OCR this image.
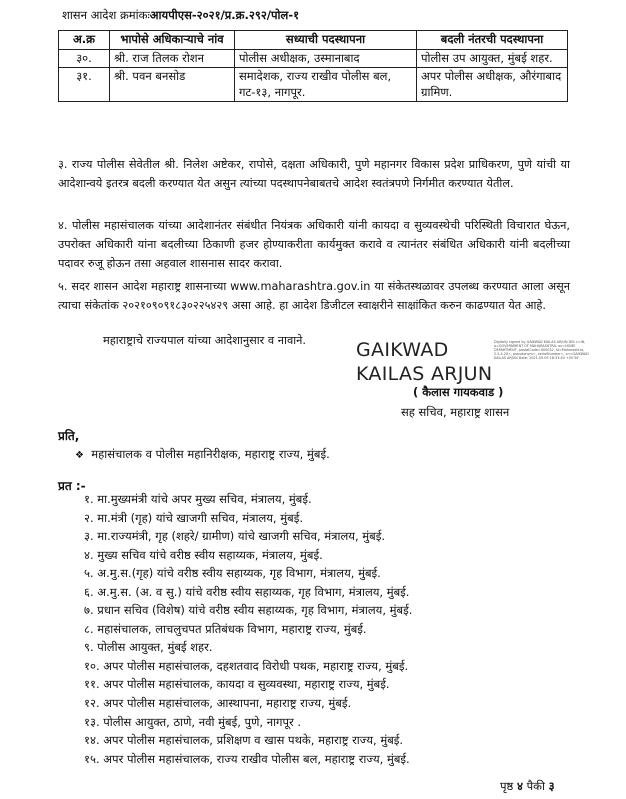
शासन आदेश क्रमांकःआयपीएस-२०२१/प्र.क्र.२९२/पोल-१
अ.क्र	भापोसे अधिकाऱ्याचे नांव	सध्याची पदस्थापना	बदली नंतरची पदस्थापना
३०.	श्री. राज तिलक रोशन	पोलीस अधीक्षक, उस्मानाबाद	पोलीस उप आयुक्त, मुंबई शहर.
३१.	श्री. पवन बनसोड	समादेशक, राज्य राखीव पोलीस बल, गट-१३, नागपूर.	अपर पोलीस अधीक्षक, औरंगाबाद ग्रामिण.
३. राज्य पोलीस सेवेतील श्री. निलेश अष्टेकर, रापोसे, दक्षता अधिकारी, पुणे महानगर विकास प्रदेश प्राधिकरण, पुणे यांची या आदेशान्वये इतरत्र बदली करण्यात येत असुन त्यांच्या पदस्थापनेबाबतचे आदेश स्वतंत्रपणे निर्गमीत करण्यात येतील.
४. पोलीस महासंचालक यांच्या आदेशानंतर संबंधीत नियंत्रक अधिकारी यांनी कायदा व सुव्यवस्थेची परिस्थिती विचारात घेऊन, उपरोक्त अधिकारी यांना बदलीच्या ठिकाणी हजर होण्याकरीता कार्यमुक्त करावे व त्यानंतर संबंधित अधिकारी यांनी बदलीच्या पदावर रुजू होऊन तसा अहवाल शासनास सादर करावा.
५. सदर शासन आदेश महाराष्ट्र शासनाच्या www.maharashtra.gov.in या संकेतस्थळावर उपलब्ध करण्यात आला असून त्याचा संकेतांक २०२१०९०९१८३०२२५४२९ असा आहे. हा आदेश डिजीटल स्वाक्षरीने साक्षांकित करुन काढण्यात येत आहे.
महाराष्ट्राचे राज्यपाल यांच्या आदेशानुसार व नावाने.	GAIKWAD
KAILAS ARJUN
Digitally signed by GAIKWAD KAILAS ARJUN DN: c=IN, o=GOVERNMENT OF MAHARASHTRA, ou=HOME DEPARTMENT, postalCode=400032, st=Maharashtra, 2.5.4.20=, pseudonym=, serialNumber=, cn=GAIKWAD KAILAS ARJUN Date: 2021.09.09 18:33:40 +05'30'
( कैलास गायकवाड )
सह सचिव, महाराष्ट्र शासन
प्रति,
❖ महासंचालक व पोलीस महानिरीक्षक, महाराष्ट्र राज्य, मुंबई.
प्रत :-
१. मा.मुख्यमंत्री यांचे अपर मुख्य सचिव, मंत्रालय, मुंबई.
२. मा.मंत्री (गृह) यांचे खाजगी सचिव, मंत्रालय, मुंबई.
३. मा.राज्यमंत्री, गृह (शहरे/ ग्रामीण) यांचे खाजगी सचिव, मंत्रालय, मुंबई.
४. मुख्य सचिव यांचे वरीष्ठ स्वीय सहाय्यक, मंत्रालय, मुंबई.
५. अ.मु.स.(गृह) यांचे वरीष्ठ स्वीय सहाय्यक, गृह विभाग, मंत्रालय, मुंबई.
६. अ.मु.स. (अ. व सु.) यांचे वरीष्ठ स्वीय सहाय्यक, गृह विभाग, मंत्रालय, मुंबई.
७. प्रधान सचिव (विशेष) यांचे वरीष्ठ स्वीय सहाय्यक, गृह विभाग, मंत्रालय, मुंबई.
८. महासंचालक, लाचलुचपत प्रतिबंधक विभाग, महाराष्ट्र राज्य, मुंबई.
९. पोलीस आयुक्त, मुंबई शहर.
१०. अपर पोलीस महासंचालक, दहशतवाद विरोधी पथक, महाराष्ट्र राज्य, मुंबई.
११. अपर पोलीस महासंचालक, कायदा व सुव्यवस्था, महाराष्ट्र राज्य, मुंबई.
१२. अपर पोलीस महासंचालक, आस्थापना, महाराष्ट्र राज्य, मुंबई.
१३. पोलीस आयुक्त, ठाणे, नवी मुंबई, पुणे, नागपूर .
१४. अपर पोलीस महासंचालक, प्रशिक्षण व खास पथके, महाराष्ट्र राज्य, मुंबई.
१५. अपर पोलीस महासंचालक, राज्य राखीव पोलीस बल, महाराष्ट्र राज्य, मुंबई.
पृष्ठ ४ पैकी ३
